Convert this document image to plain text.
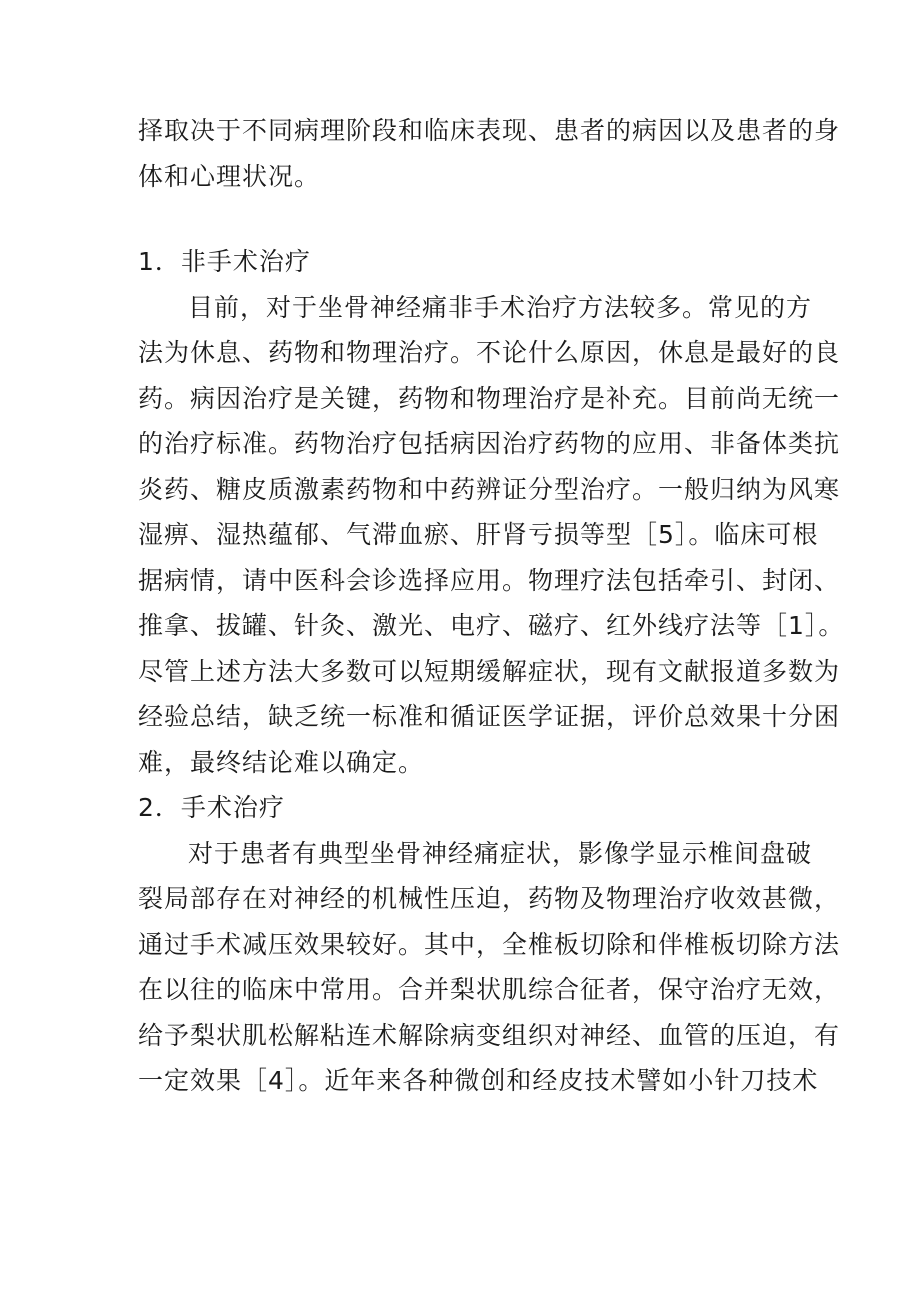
择取决于不同病理阶段和临床表现、患者的病因以及患者的身
体和心理状况。
1．非手术治疗
目前，对于坐骨神经痛非手术治疗方法较多。常见的方
法为休息、药物和物理治疗。不论什么原因，休息是最好的良
药。病因治疗是关键，药物和物理治疗是补充。目前尚无统一
的治疗标准。药物治疗包括病因治疗药物的应用、非备体类抗
炎药、糖皮质激素药物和中药辨证分型治疗。一般归纳为风寒
湿痹、湿热蕴郁、气滞血瘀、肝肾亏损等型［5］。临床可根
据病情，请中医科会诊选择应用。物理疗法包括牵引、封闭、
推拿、拔罐、针灸、激光、电疗、磁疗、红外线疗法等［1］。
尽管上述方法大多数可以短期缓解症状，现有文献报道多数为
经验总结，缺乏统一标准和循证医学证据，评价总效果十分困
难，最终结论难以确定。
2．手术治疗
对于患者有典型坐骨神经痛症状，影像学显示椎间盘破
裂局部存在对神经的机械性压迫，药物及物理治疗收效甚微，
通过手术减压效果较好。其中，全椎板切除和伴椎板切除方法
在以往的临床中常用。合并梨状肌综合征者，保守治疗无效，
给予梨状肌松解粘连术解除病变组织对神经、血管的压迫，有
一定效果［4］。近年来各种微创和经皮技术譬如小针刀技术
